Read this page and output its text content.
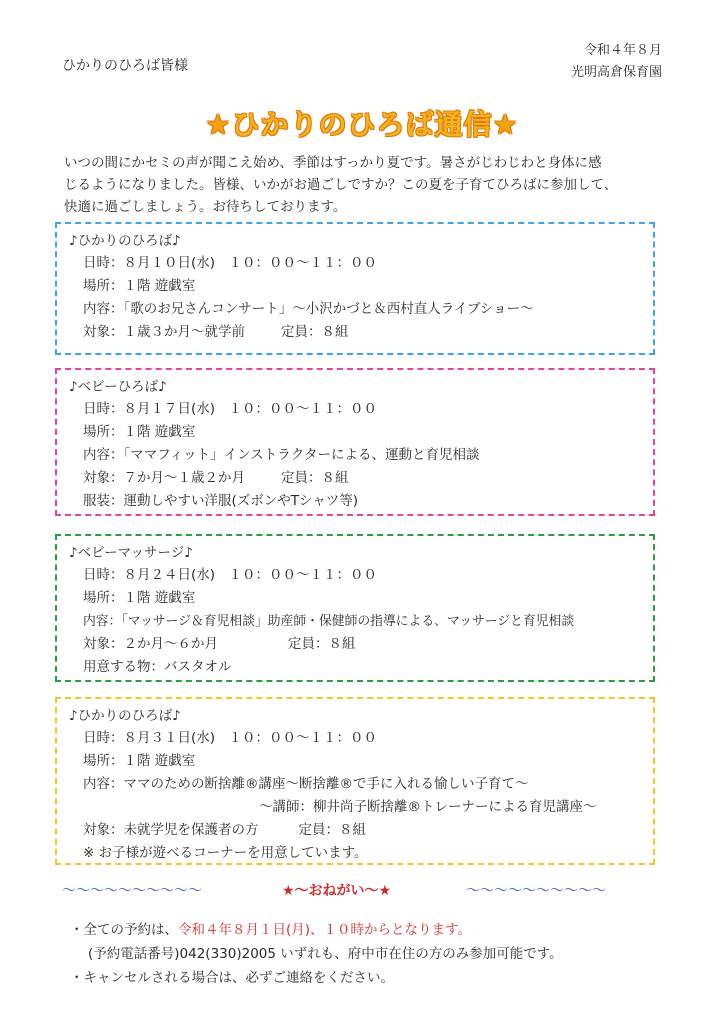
ひかりのひろば皆様
令和４年８月
光明高倉保育園
★ひかりのひろば通信★
いつの間にかセミの声が聞こえ始め、季節はすっかり夏です。暑さがじわじわと身体に感
じるようになりました。皆様、いかがお過ごしですか？この夏を子育てひろばに参加して、
快適に過ごしましょう。お待ちしております。
♪ひかりのひろば♪
日時：８月１０日(水)　１０：００～１１：００
場所：１階 遊戯室
内容：「歌のお兄さんコンサート」～小沢かづと＆西村直人ライブショー～
対象：１歳３か月～就学前	定員：８組
♪ベビーひろば♪
日時：８月１７日(水)　１０：００～１１：００
場所：１階 遊戯室
内容：「ママフィット」インストラクターによる、運動と育児相談
対象：７か月～１歳２か月	定員：８組
服装：運動しやすい洋服(ズボンやTシャツ等)
♪ベビーマッサージ♪
日時：８月２４日(水)　１０：００～１１：００
場所：１階 遊戯室
内容：「マッサージ＆育児相談」助産師・保健師の指導による、マッサージと育児相談
対象：２か月～６か月	定員：８組
用意する物：バスタオル
♪ひかりのひろば♪
日時：８月３１日(水)　１０：００～１１：００
場所：１階 遊戯室
内容：ママのための断捨離®講座～断捨離®で手に入れる愉しい子育て～
～講師：柳井尚子断捨離®トレーナーによる育児講座～
対象：未就学児を保護者の方	定員：８組
※ お子様が遊べるコーナーを用意しています。
～～～～～～～～～～	★～おねがい～★	～～～～～～～～～～
・全ての予約は、令和４年８月１日(月)、１０時からとなります。
(予約電話番号)042(330)2005 いずれも、府中市在住の方のみ参加可能です。
・キャンセルされる場合は、必ずご連絡をください。
